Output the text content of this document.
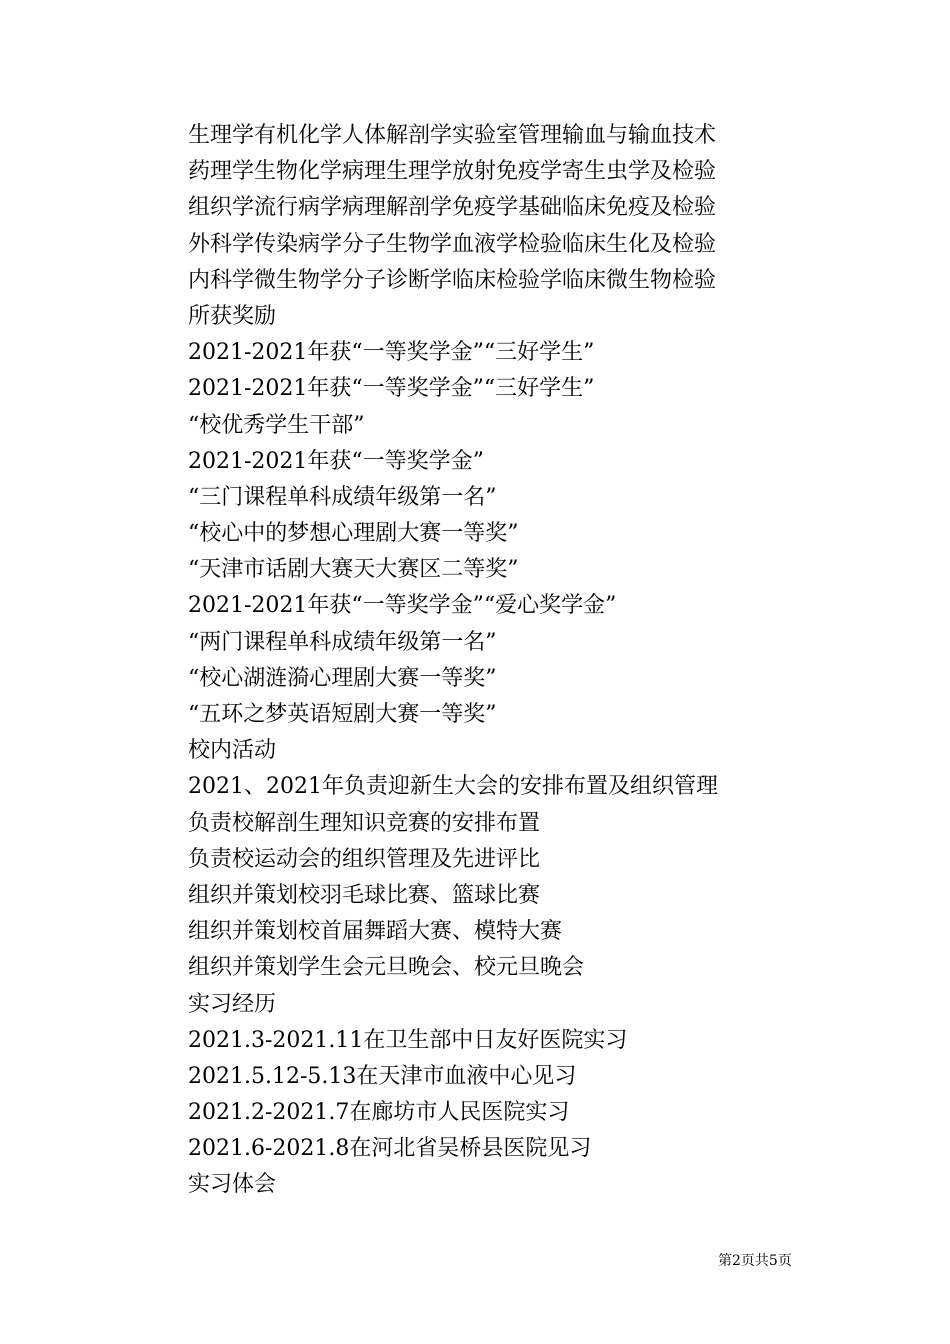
生理学有机化学人体解剖学实验室管理输血与输血技术
药理学生物化学病理生理学放射免疫学寄生虫学及检验
组织学流行病学病理解剖学免疫学基础临床免疫及检验
外科学传染病学分子生物学血液学检验临床生化及检验
内科学微生物学分子诊断学临床检验学临床微生物检验
所获奖励
2021-2021年获“一等奖学金”“三好学生”
2021-2021年获“一等奖学金”“三好学生”
“校优秀学生干部”
2021-2021年获“一等奖学金”
“三门课程单科成绩年级第一名”
“校心中的梦想心理剧大赛一等奖”
“天津市话剧大赛天大赛区二等奖”
2021-2021年获“一等奖学金”“爱心奖学金”
“两门课程单科成绩年级第一名”
“校心湖涟漪心理剧大赛一等奖”
“五环之梦英语短剧大赛一等奖”
校内活动
2021、2021年负责迎新生大会的安排布置及组织管理
负责校解剖生理知识竞赛的安排布置
负责校运动会的组织管理及先进评比
组织并策划校羽毛球比赛、篮球比赛
组织并策划校首届舞蹈大赛、模特大赛
组织并策划学生会元旦晚会、校元旦晚会
实习经历
2021.3-2021.11在卫生部中日友好医院实习
2021.5.12-5.13在天津市血液中心见习
2021.2-2021.7在廊坊市人民医院实习
2021.6-2021.8在河北省吴桥县医院见习
实习体会
第2页共5页
